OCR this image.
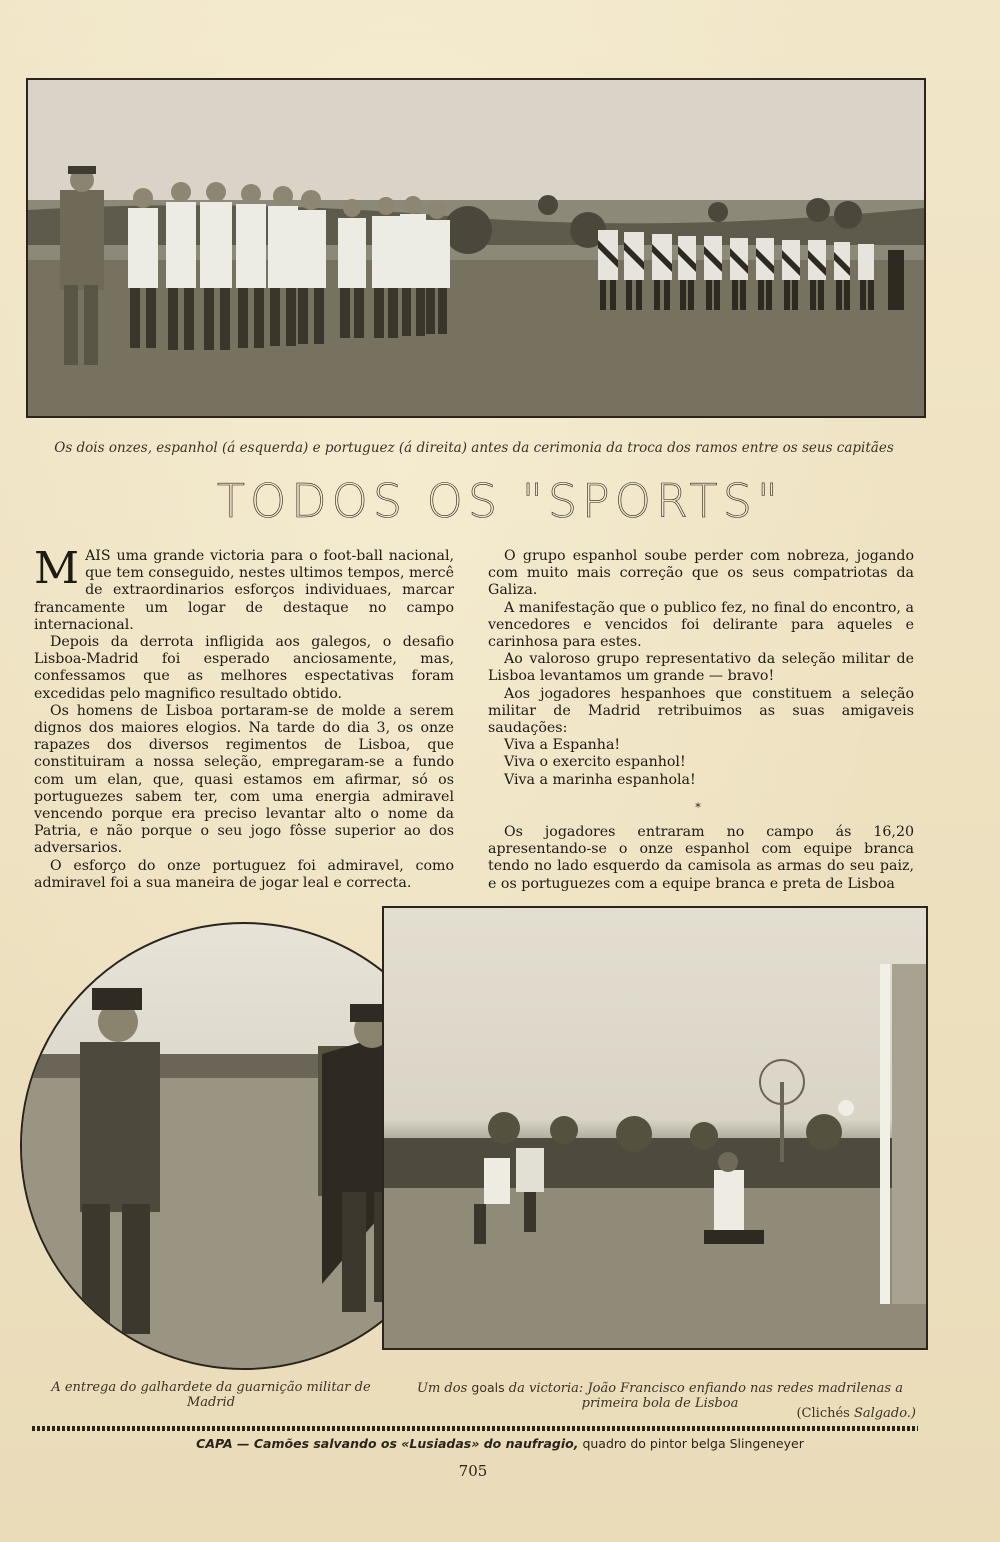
Os dois onzes, espanhol (á esquerda) e portuguez (á direita) antes da cerimonia da troca dos ramos entre os seus capitães
TODOS OS "SPORTS"

MAIS uma grande victoria para o foot-ball nacional, que tem conseguido, nestes ultimos tempos, mercê de extraordinarios esforços individuaes, marcar francamente um logar de destaque no campo internacional.

Depois da derrota infligida aos galegos, o desafio Lisboa-Madrid foi esperado anciosamente, mas, confessamos que as melhores espectativas foram excedidas pelo magnifico resultado obtido.

Os homens de Lisboa portaram-se de molde a serem dignos dos maiores elogios. Na tarde do dia 3, os onze rapazes dos diversos regimentos de Lisboa, que constituiram a nossa seleção, empregaram-se a fundo com um elan, que, quasi estamos em afirmar, só os portuguezes sabem ter, com uma energia admiravel vencendo porque era preciso levantar alto o nome da Patria, e não porque o seu jogo fôsse superior ao dos adversarios.

O esforço do onze portuguez foi admiravel, como admiravel foi a sua maneira de jogar leal e correcta.

O grupo espanhol soube perder com nobreza, jogando com muito mais correção que os seus compatriotas da Galiza.

A manifestação que o publico fez, no final do encontro, a vencedores e vencidos foi delirante para aqueles e carinhosa para estes.

Ao valoroso grupo representativo da seleção militar de Lisboa levantamos um grande — bravo!

Aos jogadores hespanhoes que constituem a seleção militar de Madrid retribuimos as suas amigaveis saudações:

Viva a Espanha!

Viva o exercito espanhol!

Viva a marinha espanhola!

*

Os jogadores entraram no campo ás 16,20 apresentando-se o onze espanhol com equipe branca tendo no lado esquerdo da camisola as armas do seu paiz, e os portuguezes com a equipe branca e preta de Lisboa

A entrega do galhardete da guarnição militar de Madrid
Um dos goals da victoria: João Francisco enfiando nas redes madrilenas a primeira bola de Lisboa
(Clichés Salgado.)
CAPA — Camões salvando os «Lusiadas» do naufragio, quadro do pintor belga Slingeneyer
705
